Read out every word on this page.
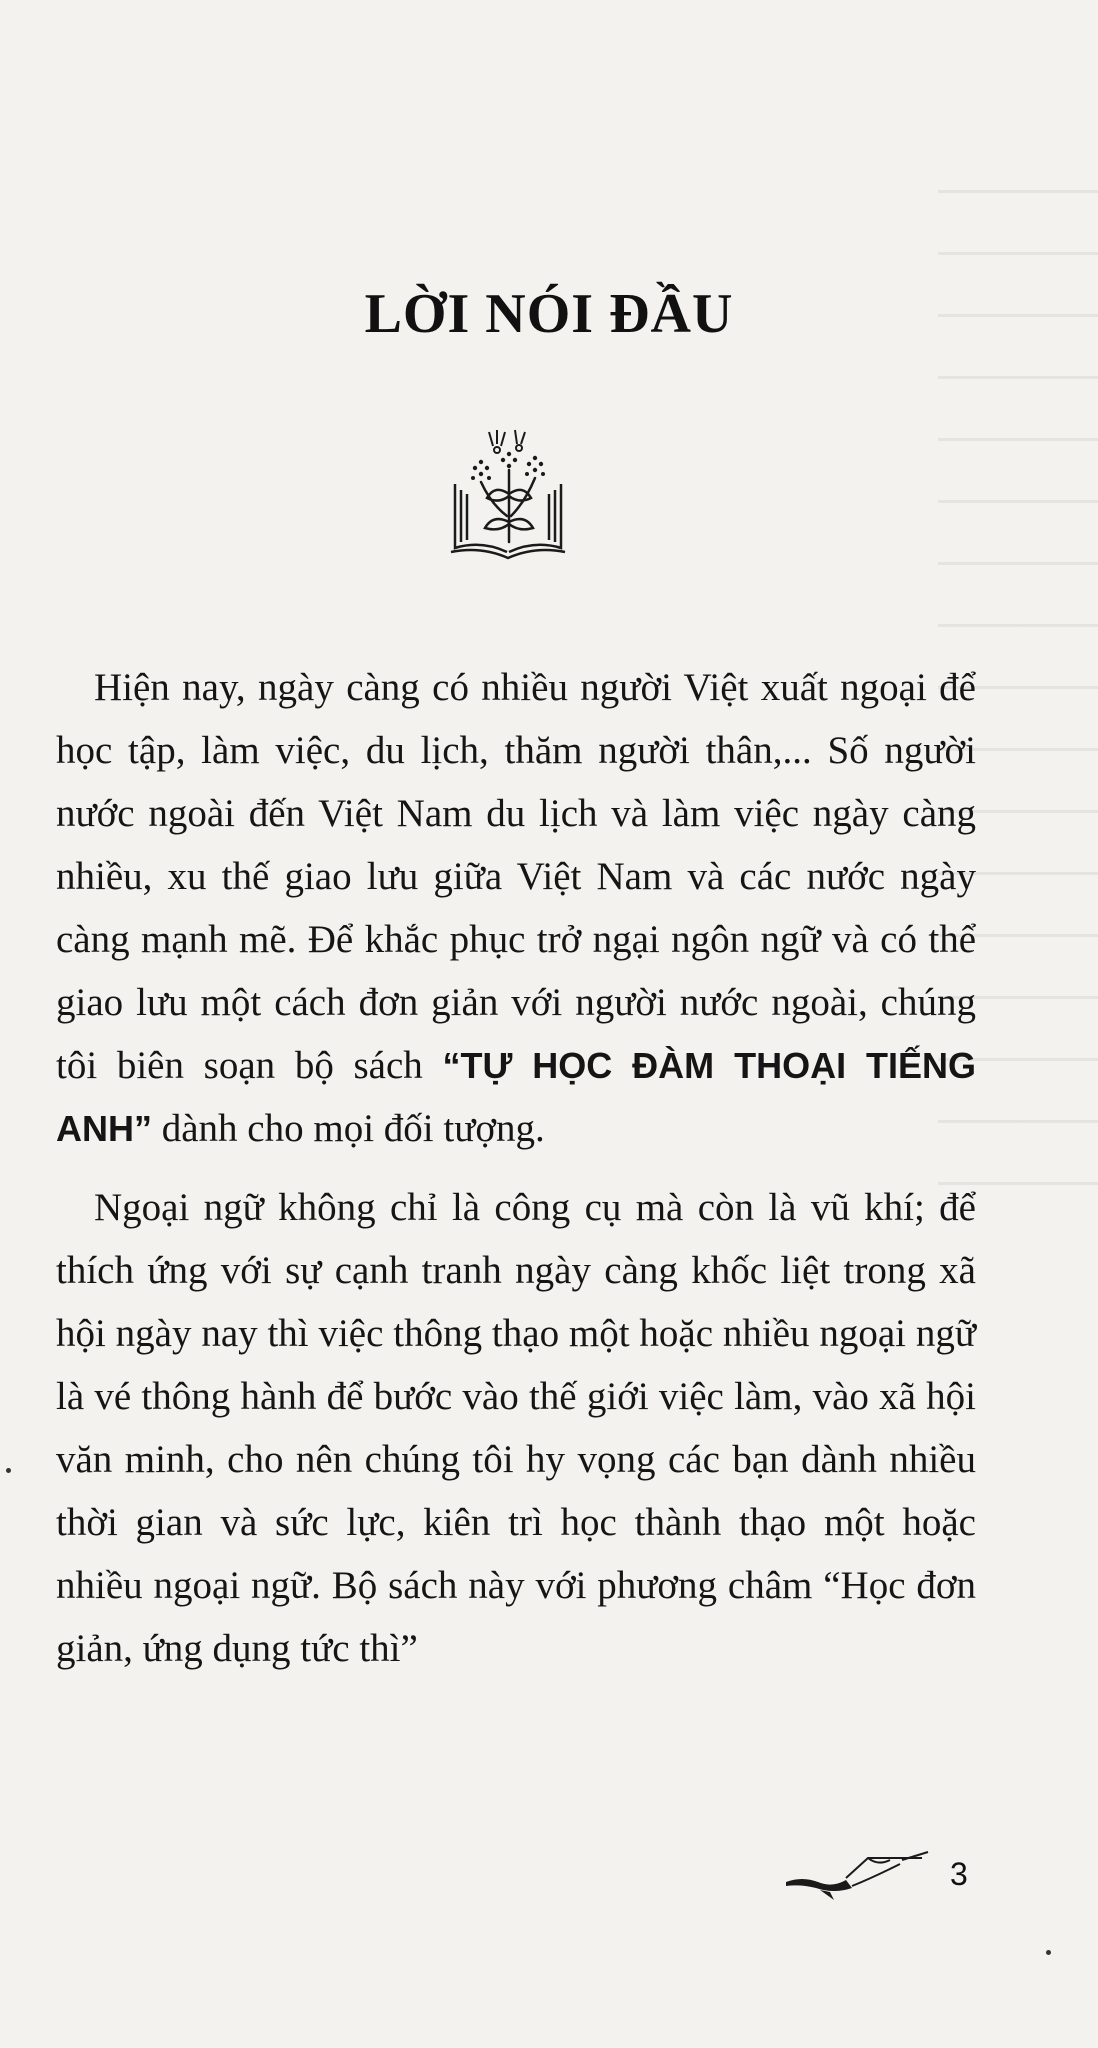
LỜI NÓI ĐẦU

Hiện nay, ngày càng có nhiều người Việt xuất ngoại để học tập, làm việc, du lịch, thăm người thân,... Số người nước ngoài đến Việt Nam du lịch và làm việc ngày càng nhiều, xu thế giao lưu giữa Việt Nam và các nước ngày càng mạnh mẽ. Để khắc phục trở ngại ngôn ngữ và có thể giao lưu một cách đơn giản với người nước ngoài, chúng tôi biên soạn bộ sách “TỰ HỌC ĐÀM THOẠI TIẾNG ANH” dành cho mọi đối tượng.

Ngoại ngữ không chỉ là công cụ mà còn là vũ khí; để thích ứng với sự cạnh tranh ngày càng khốc liệt trong xã hội ngày nay thì việc thông thạo một hoặc nhiều ngoại ngữ là vé thông hành để bước vào thế giới việc làm, vào xã hội văn minh, cho nên chúng tôi hy vọng các bạn dành nhiều thời gian và sức lực, kiên trì học thành thạo một hoặc nhiều ngoại ngữ. Bộ sách này với phương châm “Học đơn giản, ứng dụng tức thì”

3
